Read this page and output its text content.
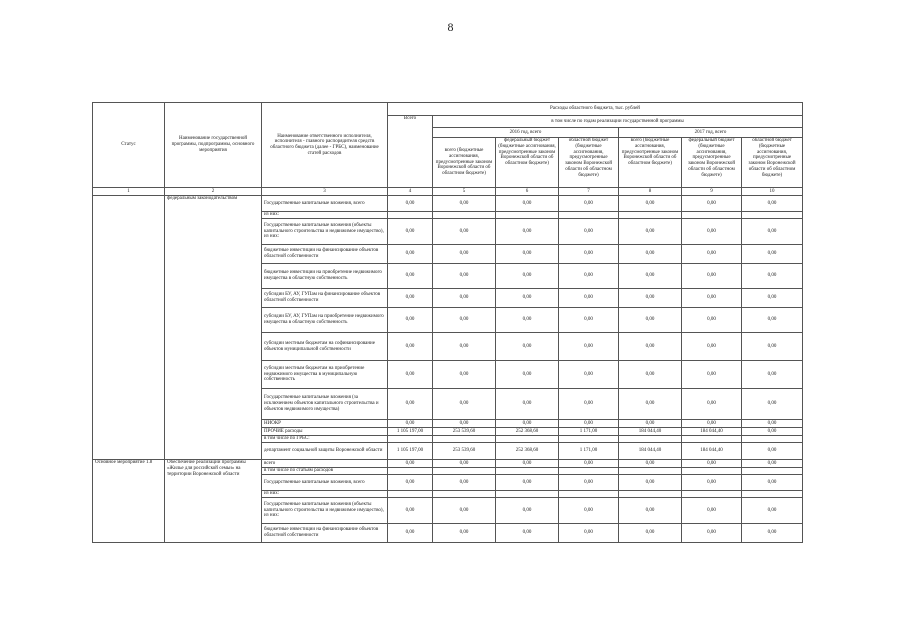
8
Статус	Наименование государственной программы, подпрограммы, основного мероприятия	Наименование ответственного исполнителя, исполнителя - главного распорядителя средств областного бюджета (далее - ГРБС), наименование статей расходов	Расходы областного бюджета, тыс. рублей						
			Всего	в том числе по годам реализации государственной программы					
				2016 год, всего			2017 год, всего		
				всего (бюджетные ассигнования, предусмотренные законом Воронежской области об областном бюджете)	федеральный бюджет (бюджетные ассигнования, предусмотренные законом Воронежской области об областном бюджете)	областной бюджет (бюджетные ассигнования, предусмотренные законом Воронежской области об областном бюджете)	всего (бюджетные ассигнования, предусмотренные законом Воронежской области об областном бюджете)	федеральный бюджет (бюджетные ассигнования, предусмотренные законом Воронежской области об областном бюджете)	областной бюджет (бюджетные ассигнования, предусмотренные законом Воронежской области об областном бюджете)
1	2	3	4	5	6	7	8	9	10
	федеральным законодательством	Государственные капитальные вложения, всего	0,00	0,00	0,00	0,00	0,00	0,00	0,00
		из них:							
		Государственные капитальные вложения (объекты капитального строительства и недвижимое имущество), из них:	0,00	0,00	0,00	0,00	0,00	0,00	0,00
		бюджетные инвестиции на финансирование объектов областной собственности	0,00	0,00	0,00	0,00	0,00	0,00	0,00
		бюджетные инвестиции на приобретение недвижимого имущества в областную собственность	0,00	0,00	0,00	0,00	0,00	0,00	0,00
		субсидии БУ, АУ, ГУПам на финансирование объектов областной собственности	0,00	0,00	0,00	0,00	0,00	0,00	0,00
		субсидии БУ, АУ, ГУПам на приобретение недвижимого имущества в областную собственность	0,00	0,00	0,00	0,00	0,00	0,00	0,00
		субсидии местным бюджетам на софинансирование объектов муниципальной собственности	0,00	0,00	0,00	0,00	0,00	0,00	0,00
		субсидии местным бюджетам на приобретение недвижимого имущества в муниципальную собственность	0,00	0,00	0,00	0,00	0,00	0,00	0,00
		Государственные капитальные вложения (за исключением объектов капитального строительства и объектов недвижимого имущества)	0,00	0,00	0,00	0,00	0,00	0,00	0,00
		НИОКР	0,00	0,00	0,00	0,00	0,00	0,00	0,00
		ПРОЧИЕ расходы	1 105 197,00	253 539,60	252 368,60	1 171,00	184 044,40	184 044,40	0,00
		в том числе по ГРБС:							
		департамент социальной защиты Воронежской области	1 105 197,00	253 539,60	252 368,60	1 171,00	184 044,40	184 044,40	0,00
Основное мероприятие 1.8	Обеспечение реализации программы «Жилье для российской семьи» на территории Воронежской области	всего	0,00	0,00	0,00	0,00	0,00	0,00	0,00
		в том числе по статьям расходов							
		Государственные капитальные вложения, всего	0,00	0,00	0,00	0,00	0,00	0,00	0,00
		из них:							
		Государственные капитальные вложения (объекты капитального строительства и недвижимое имущество), из них:	0,00	0,00	0,00	0,00	0,00	0,00	0,00
		бюджетные инвестиции на финансирование объектов областной собственности	0,00	0,00	0,00	0,00	0,00	0,00	0,00
